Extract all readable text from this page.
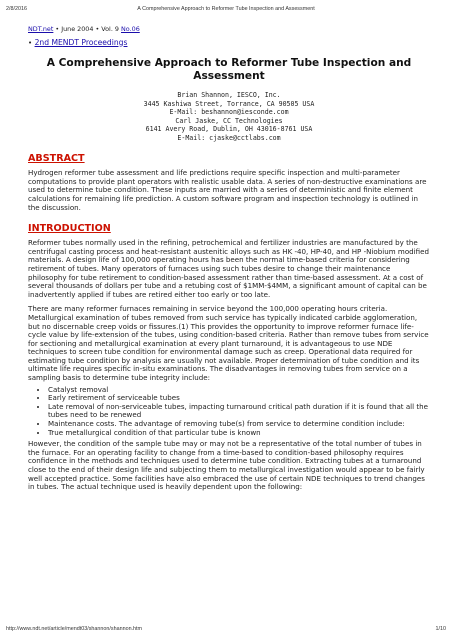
2/8/2016	A Comprehensive Approach to Reformer Tube Inspection and Assessment
NDT.net • June 2004 • Vol. 9 No.06
• 2nd MENDT Proceedings
A Comprehensive Approach to Reformer Tube Inspection and Assessment
Brian Shannon, IESCO, Inc.
3445 Kashiwa Street, Torrance, CA 90505 USA
E-Mail: beshannon@iesconde.com
Carl Jaske, CC Technologies
6141 Avery Road, Dublin, OH 43016-8761 USA
E-Mail: cjaske@cctlabs.com
ABSTRACT

Hydrogen reformer tube assessment and life predictions require specific inspection and multi-parameter computations to provide plant operators with realistic usable data. A series of non-destructive examinations are used to determine tube condition. These inputs are married with a series of deterministic and finite element calculations for remaining life prediction. A custom software program and inspection technology is outlined in the discussion.

INTRODUCTION

Reformer tubes normally used in the refining, petrochemical and fertilizer industries are manufactured by the centrifugal casting process and heat-resistant austenitic alloys such as HK -40, HP-40, and HP -Niobium modified materials. A design life of 100,000 operating hours has been the normal time-based criteria for considering retirement of tubes. Many operators of furnaces using such tubes desire to change their maintenance philosophy for tube retirement to condition-based assessment rather than time-based assessment. At a cost of several thousands of dollars per tube and a retubing cost of $1MM-$4MM, a significant amount of capital can be inadvertently applied if tubes are retired either too early or too late.

There are many reformer furnaces remaining in service beyond the 100,000 operating hours criteria.

Metallurgical examination of tubes removed from such service has typically indicated carbide agglomeration, but no discernable creep voids or fissures.(1) This provides the opportunity to improve reformer furnace life-cycle value by life-extension of the tubes, using condition-based criteria. Rather than remove tubes from service for sectioning and metallurgical examination at every plant turnaround, it is advantageous to use NDE techniques to screen tube condition for environmental damage such as creep. Operational data required for estimating tube condition by analysis are usually not available. Proper determination of tube condition and its ultimate life requires specific in-situ examinations. The disadvantages in removing tubes from service on a sampling basis to determine tube integrity include:

• Catalyst removal
• Early retirement of serviceable tubes
• Late removal of non-serviceable tubes, impacting turnaround critical path duration if it is found that all the tubes need to be renewed
• Maintenance costs. The advantage of removing tube(s) from service to determine condition include:
• True metallurgical condition of that particular tube is known

However, the condition of the sample tube may or may not be a representative of the total number of tubes in the furnace. For an operating facility to change from a time-based to condition-based philosophy requires confidence in the methods and techniques used to determine tube condition. Extracting tubes at a turnaround close to the end of their design life and subjecting them to metallurgical investigation would appear to be fairly well accepted practice. Some facilities have also embraced the use of certain NDE techniques to trend changes in tubes. The actual technique used is heavily dependent upon the following:

http://www.ndt.net/article/mendt03/shannon/shannon.htm	1/10
